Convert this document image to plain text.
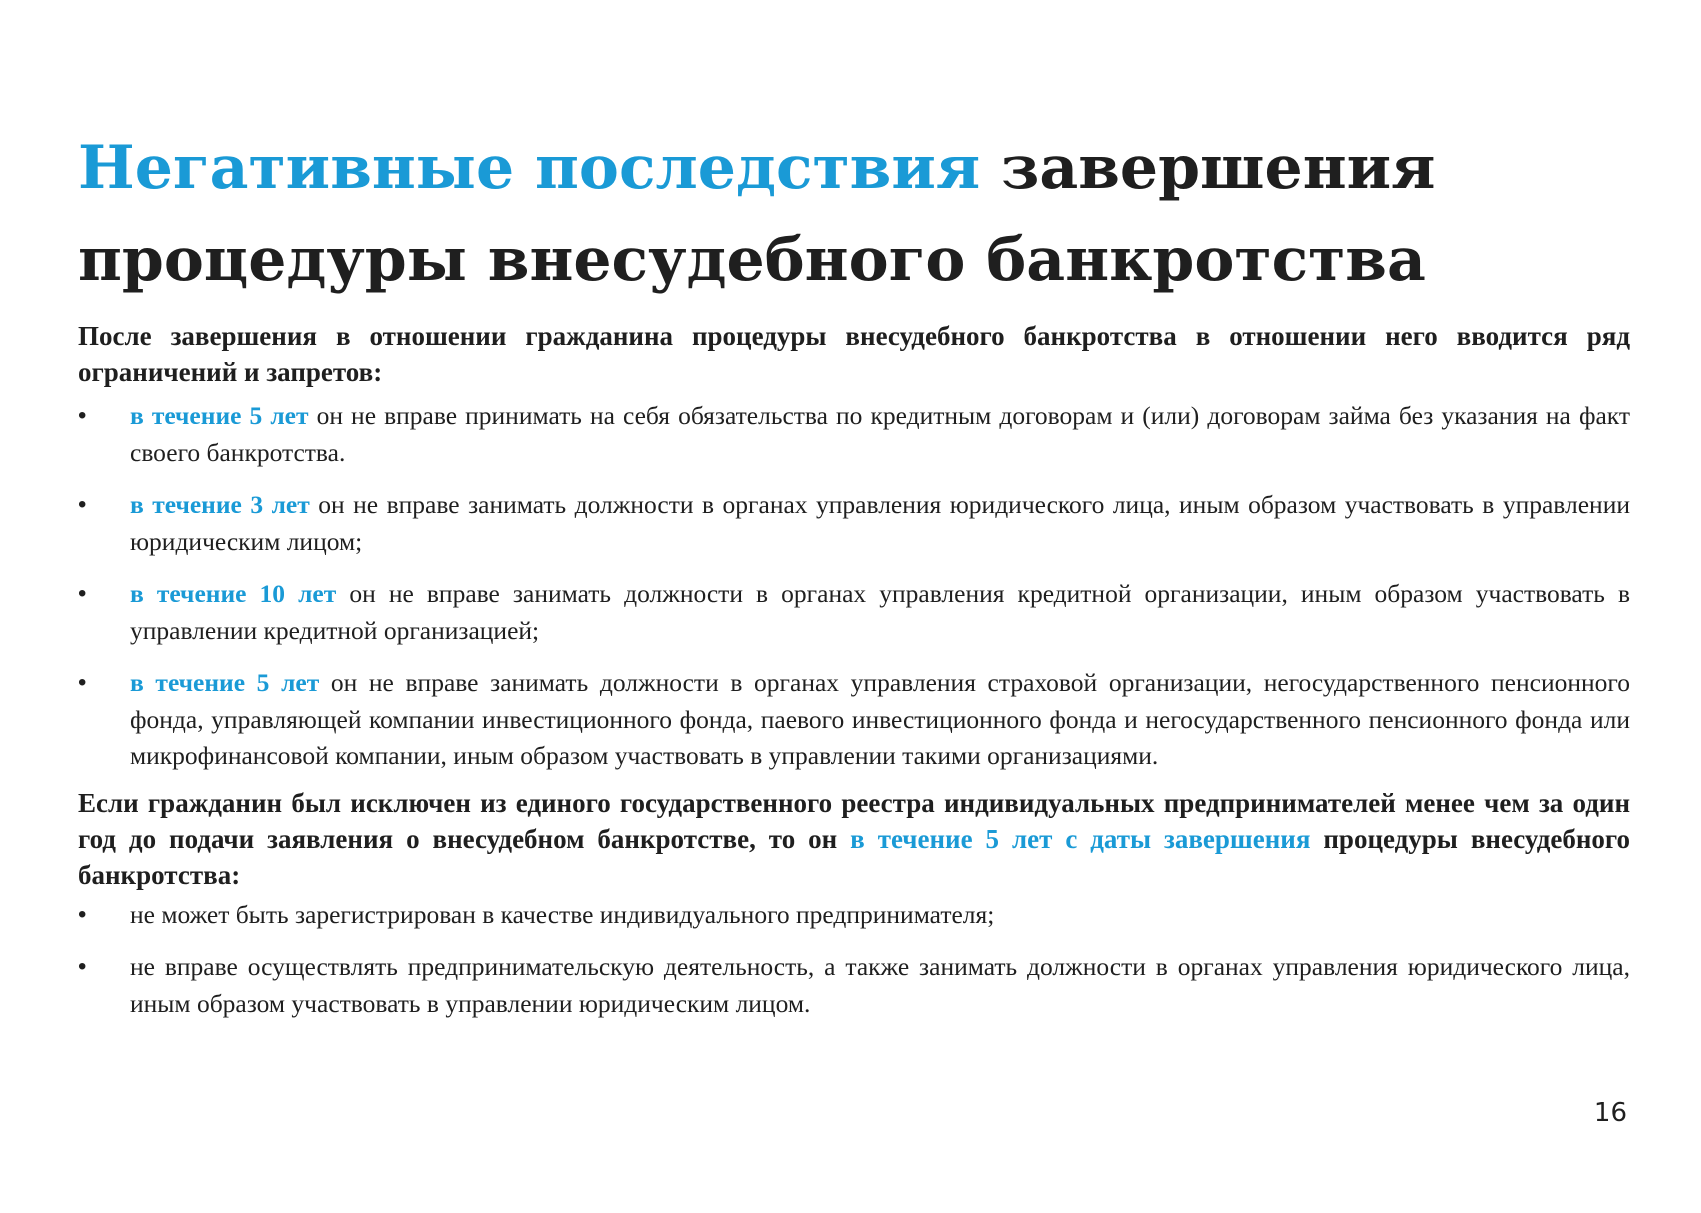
Негативные последствия завершения
процедуры внесудебного банкротства

После завершения в отношении гражданина процедуры внесудебного банкротства в отношении него вводится ряд ограничений и запретов:

•	в течение 5 лет он не вправе принимать на себя обязательства по кредитным договорам и (или) договорам займа без указания на факт своего банкротства.
•	в течение 3 лет он не вправе занимать должности в органах управления юридического лица, иным образом участвовать в управлении юридическим лицом;
•	в течение 10 лет он не вправе занимать должности в органах управления кредитной организации, иным образом участвовать в управлении кредитной организацией;
•	в течение 5 лет он не вправе занимать должности в органах управления страховой организации, негосударственного пенсионного фонда, управляющей компании инвестиционного фонда, паевого инвестиционного фонда и негосударственного пенсионного фонда или микрофинансовой компании, иным образом участвовать в управлении такими организациями.

Если гражданин был исключен из единого государственного реестра индивидуальных предпринимателей менее чем за один год до подачи заявления о внесудебном банкротстве, то он в течение 5 лет с даты завершения процедуры внесудебного банкротства:

•	не может быть зарегистрирован в качестве индивидуального предпринимателя;
•	не вправе осуществлять предпринимательскую деятельность, а также занимать должности в органах управления юридического лица, иным образом участвовать в управлении юридическим лицом.
16
